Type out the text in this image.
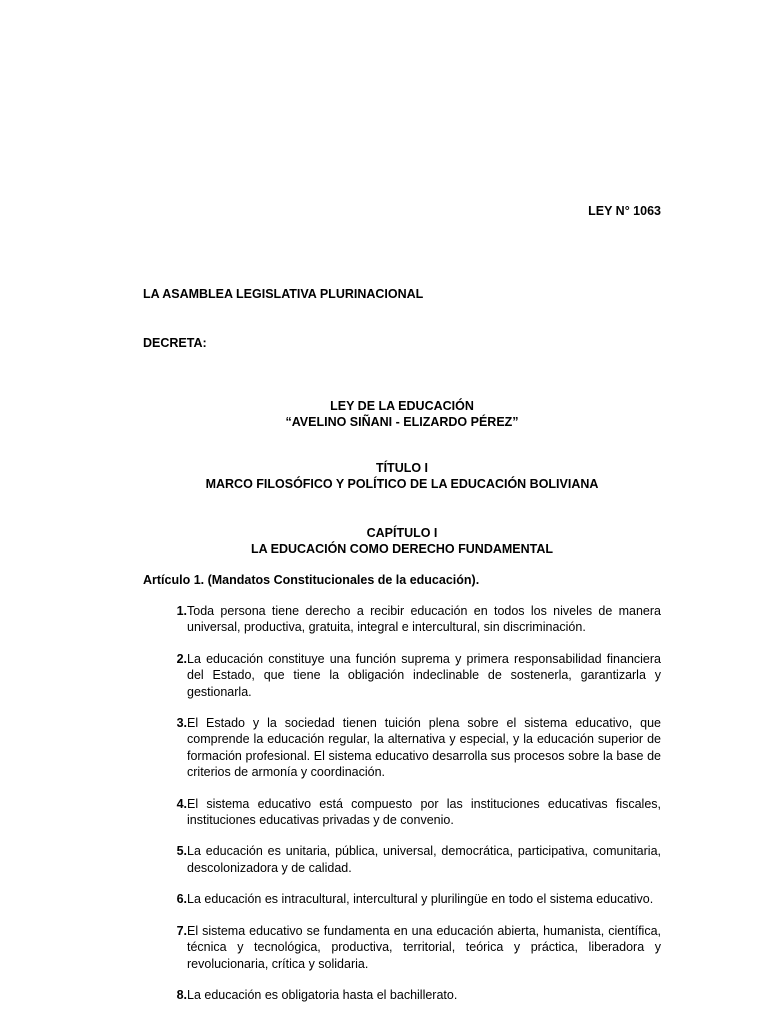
LEY N° 1063
LA ASAMBLEA LEGISLATIVA PLURINACIONAL
DECRETA:
LEY DE LA EDUCACIÓN
“AVELINO SIÑANI - ELIZARDO PÉREZ”
TÍTULO I
MARCO FILOSÓFICO Y POLÍTICO DE LA EDUCACIÓN BOLIVIANA
CAPÍTULO I
LA EDUCACIÓN COMO DERECHO FUNDAMENTAL
Artículo 1. (Mandatos Constitucionales de la educación).
1. Toda persona tiene derecho a recibir educación en todos los niveles de manera universal, productiva, gratuita, integral e intercultural, sin discriminación.
2. La educación constituye una función suprema y primera responsabilidad financiera del Estado, que tiene la obligación indeclinable de sostenerla, garantizarla y gestionarla.
3. El Estado y la sociedad tienen tuición plena sobre el sistema educativo, que comprende la educación regular, la alternativa y especial, y la educación superior de formación profesional. El sistema educativo desarrolla sus procesos sobre la base de criterios de armonía y coordinación.
4. El sistema educativo está compuesto por las instituciones educativas fiscales, instituciones educativas privadas y de convenio.
5. La educación es unitaria, pública, universal, democrática, participativa, comunitaria, descolonizadora y de calidad.
6. La educación es intracultural, intercultural y plurilingüe en todo el sistema educativo.
7. El sistema educativo se fundamenta en una educación abierta, humanista, científica, técnica y tecnológica, productiva, territorial, teórica y práctica, liberadora y revolucionaria, crítica y solidaria.
8. La educación es obligatoria hasta el bachillerato.
